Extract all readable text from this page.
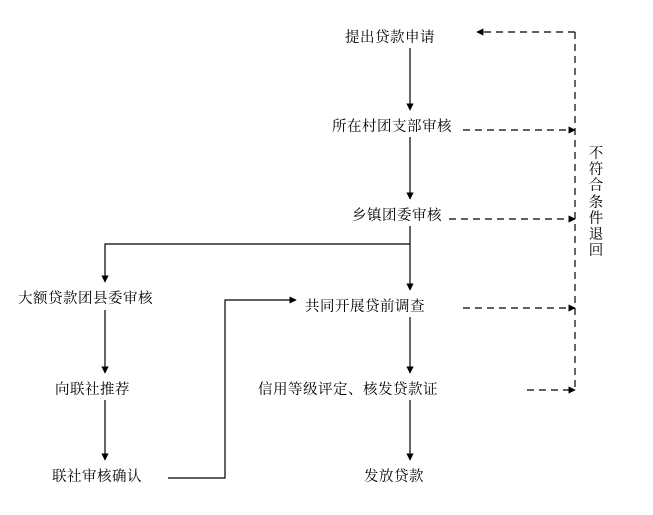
提出贷款申请
所在村团支部审核
乡镇团委审核
大额贷款团县委审核	共同开展贷前调查
向联社推荐	信用等级评定、核发贷款证
联社审核确认	发放贷款
不符合条件退回
